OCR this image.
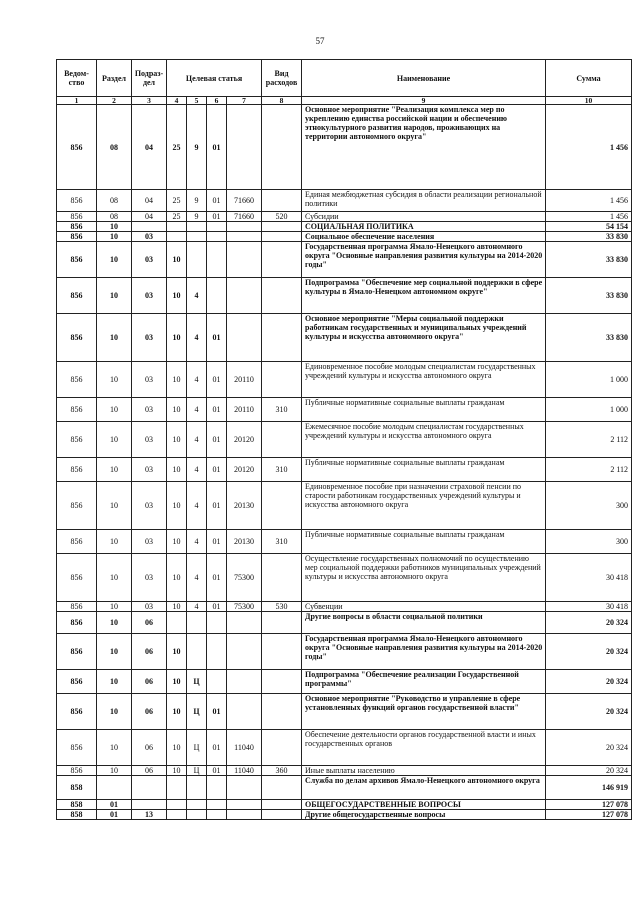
57
Ведом-ство	Раздел	Подраз-дел	Целевая статья				Вид расходов	Наименование	Сумма
1	2	3	4	5	6	7	8	9	10
856	08	04	25	9	01			Основное мероприятие "Реализация комплекса мер по укреплению единства российской нации и обеспечению этнокультурного развития народов, проживающих на территории автономного округа"	1 456
856	08	04	25	9	01	71660		Единая межбюджетная субсидия в области реализации региональной политики	1 456
856	08	04	25	9	01	71660	520	Субсидии	1 456
856	10							СОЦИАЛЬНАЯ ПОЛИТИКА	54 154
856	10	03						Социальное обеспечение населения	33 830
856	10	03	10					Государственная программа Ямало-Ненецкого автономного округа "Основные направления развития культуры на 2014-2020 годы"	33 830
856	10	03	10	4				Подпрограмма "Обеспечение мер социальной поддержки в сфере культуры в Ямало-Ненецком автономном округе"	33 830
856	10	03	10	4	01			Основное мероприятие "Меры социальной поддержки работникам государственных и муниципальных учреждений культуры и искусства автономного округа"	33 830
856	10	03	10	4	01	20110		Единовременное пособие молодым специалистам государственных учреждений культуры и искусства автономного округа	1 000
856	10	03	10	4	01	20110	310	Публичные нормативные социальные выплаты гражданам	1 000
856	10	03	10	4	01	20120		Ежемесячное пособие молодым специалистам государственных учреждений культуры и искусства автономного округа	2 112
856	10	03	10	4	01	20120	310	Публичные нормативные социальные выплаты гражданам	2 112
856	10	03	10	4	01	20130		Единовременное пособие при назначении страховой пенсии по старости работникам государственных учреждений культуры и искусства автономного округа	300
856	10	03	10	4	01	20130	310	Публичные нормативные социальные выплаты гражданам	300
856	10	03	10	4	01	75300		Осуществление государственных полномочий по осуществлению мер социальной поддержки работников муниципальных учреждений культуры и искусства автономного округа	30 418
856	10	03	10	4	01	75300	530	Субвенции	30 418
856	10	06						Другие вопросы в области социальной политики	20 324
856	10	06	10					Государственная программа Ямало-Ненецкого автономного округа "Основные направления развития культуры на 2014-2020 годы"	20 324
856	10	06	10	Ц				Подпрограмма "Обеспечение реализации Государственной программы"	20 324
856	10	06	10	Ц	01			Основное мероприятие "Руководство и управление в сфере установленных функций органов государственной власти"	20 324
856	10	06	10	Ц	01	11040		Обеспечение деятельности органов государственной власти и иных государственных органов	20 324
856	10	06	10	Ц	01	11040	360	Иные выплаты населению	20 324
858								Служба по делам архивов Ямало-Ненецкого автономного округа	146 919
858	01							ОБЩЕГОСУДАРСТВЕННЫЕ ВОПРОСЫ	127 078
858	01	13						Другие общегосударственные вопросы	127 078
